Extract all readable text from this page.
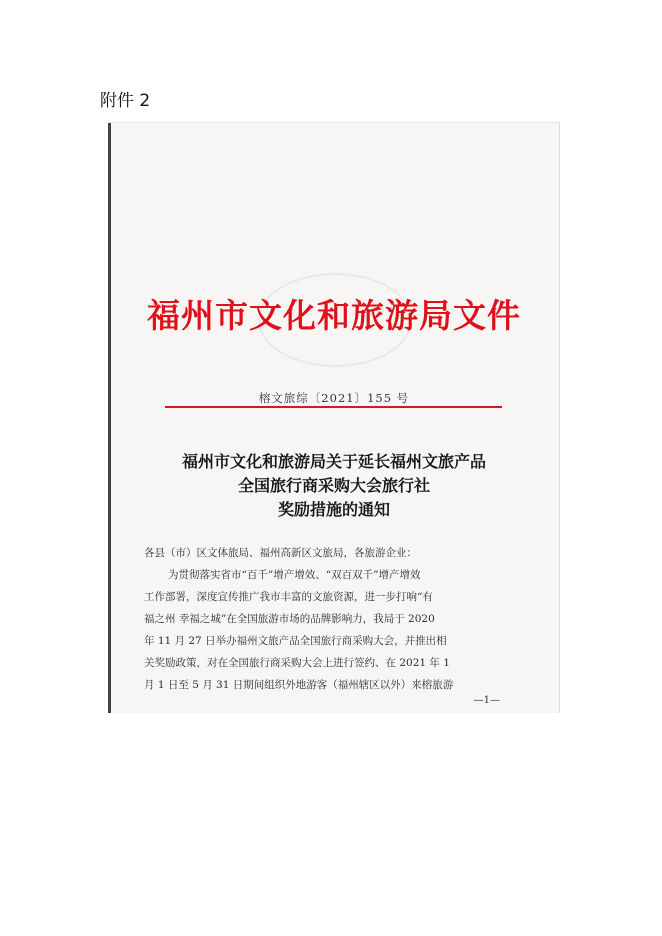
附件 2
福州市文化和旅游局文件
榕文旅综〔2021〕155 号
福州市文化和旅游局关于延长福州文旅产品
全国旅行商采购大会旅行社
奖励措施的通知
各县（市）区文体旅局、福州高新区文旅局，各旅游企业：
为贯彻落实省市“百千”增产增效、“双百双千”增产增效
工作部署，深度宣传推广我市丰富的文旅资源，进一步打响“有
福之州 幸福之城”在全国旅游市场的品牌影响力，我局于 2020
年 11 月 27 日举办福州文旅产品全国旅行商采购大会，并推出相
关奖励政策，对在全国旅行商采购大会上进行签约、在 2021 年 1
月 1 日至 5 月 31 日期间组织外地游客（福州辖区以外）来榕旅游
—1—
